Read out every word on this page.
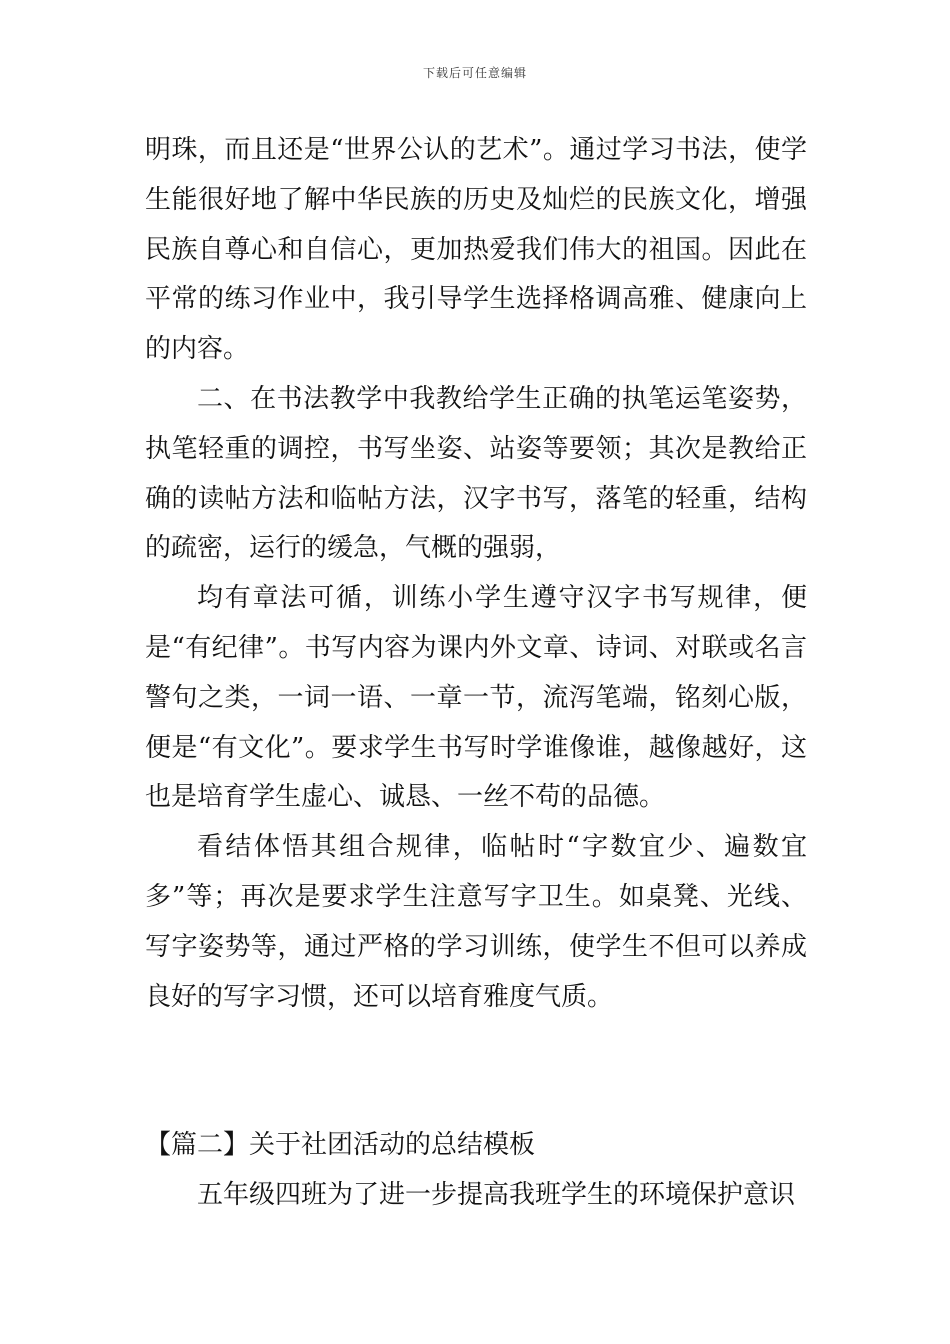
下载后可任意编辑

明珠，而且还是“世界公认的艺术”。通过学习书法，使学生能很好地了解中华民族的历史及灿烂的民族文化，增强民族自尊心和自信心，更加热爱我们伟大的祖国。因此在平常的练习作业中，我引导学生选择格调高雅、健康向上的内容。

二、在书法教学中我教给学生正确的执笔运笔姿势，执笔轻重的调控，书写坐姿、站姿等要领；其次是教给正确的读帖方法和临帖方法，汉字书写，落笔的轻重，结构的疏密，运行的缓急，气概的强弱，

均有章法可循，训练小学生遵守汉字书写规律，便是“有纪律”。书写内容为课内外文章、诗词、对联或名言警句之类，一词一语、一章一节，流泻笔端，铭刻心版，便是“有文化”。要求学生书写时学谁像谁，越像越好，这也是培育学生虚心、诚恳、一丝不苟的品德。

看结体悟其组合规律，临帖时“字数宜少、遍数宜多”等；再次是要求学生注意写字卫生。如桌凳、光线、写字姿势等，通过严格的学习训练，使学生不但可以养成良好的写字习惯，还可以培育雅度气质。

【篇二】关于社团活动的总结模板

五年级四班为了进一步提高我班学生的环境保护意识
